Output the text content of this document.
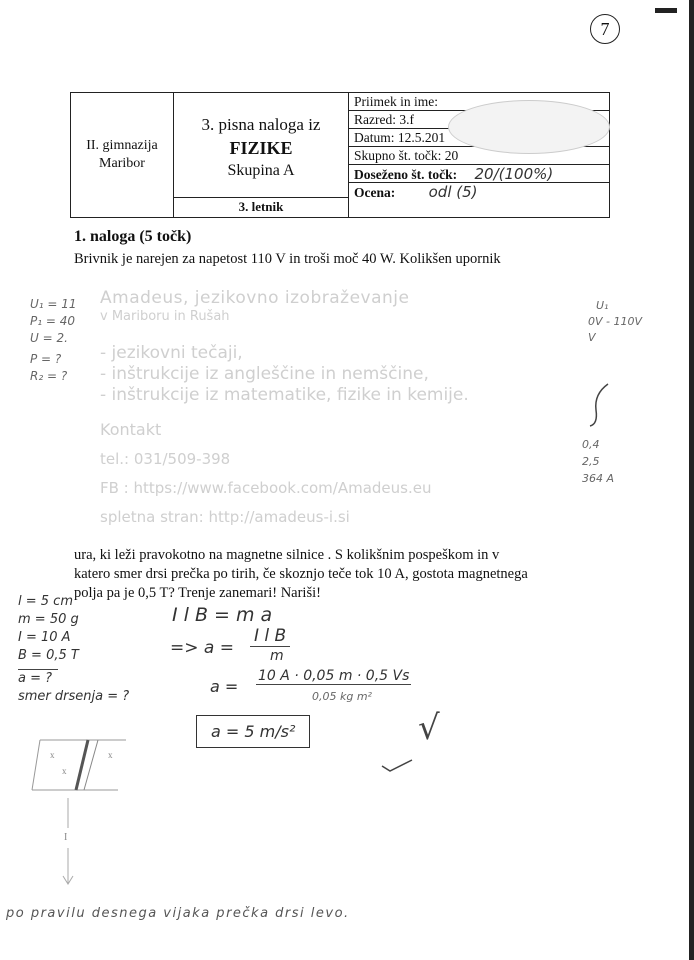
7
II. gimnazija Maribor
3. pisna naloga iz
FIZIKE
Skupina A
3. letnik
Priimek in ime:
Razred: 3.f
Datum: 12.5.201
Skupno št. točk: 20
Doseženo št. točk: 20/(100%)
Ocena: odl (5)
1. naloga (5 točk)
Brivnik je narejen za napetost 110 V in troši moč 40 W. Kolikšen upornik
Amadeus, jezikovno izobraževanje
v Mariboru in Rušah
- jezikovni tečaji,
- inštrukcije iz angleščine in nemščine,
- inštrukcije iz matematike, fizike in kemije.
Kontakt
tel.: 031/509-398
FB : https://www.facebook.com/Amadeus.eu
spletna stran: http://amadeus-i.si
U₁ = 11
P₁ = 40
U = 2.
P = ?
R₂ = ?
U₁
0V - 110V
V
0,4
2,5
364 A
ura, ki leži pravokotno na magnetne silnice . S kolikšnim pospeškom in v
katero smer drsi prečka po tirih, če skoznjo teče tok 10 A, gostota magnetnega
polja pa je 0,5 T? Trenje zanemari! Nariši!
l = 5 cm
m = 50 g
I = 10 A
B = 0,5 T
a = ?
smer drsenja = ?
I l B = m a
=> a =
I l B
m
a =
10 A · 0,05 m · 0,5 Vs
0,05 kg m²
a = 5 m/s²	√
x
x
x
I
po pravilu desnega vijaka prečka drsi levo.
